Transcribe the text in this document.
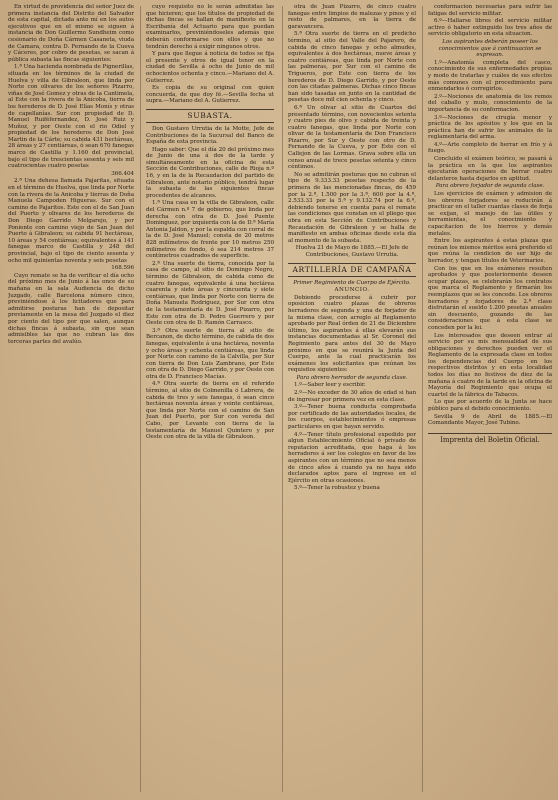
En virtud de providencia del señor Juez de primera instancia del Distrito del Salvador de esta capital, dictada ante mí en los autos ejecutivos que en el mismo se siguen á instancia de Don Guillermo Sundheim como cesionario de Doña Cármen Casaneta, viuda de Camara, contra D. Fernando de la Cueva y Cáceres, por cobro de pesetas, se sacan á pública subasta las fincas siguientes:

1.ª Una hacienda nombrada de Pignerillas, situada en los términos de la ciudad de Huelva y villa de Gibraleon, que linda por Norte con olivares de los señores Pizarro, viñas de José Gomez y otras de la Cantimela, al Este con la rivera de la Anicoba, tierra de los herederos de D. José Elías Monís y otras de capellanías. Sur con propiedad de D. Manuel Ruiféfernandez, D. José Ruiz y Muñoz, y por Oeste con el rio Odiel y propiedad de los herederos de Don José Martin de la Cárte; su cabida 431 hectáreas, 28 áreas y 27 centiáreas, ó sean 670 fanegas marco de Castilla y 1.160 del provincial, bajo el tipo de trescientas sesenta y seis mil cuatrocientas cuatro pesetas

366.404

2.ª Una dehesa llamada Pajaritas, situada en el término de Huelva, que linda por Norte con la rivera de la Anicoba y tierras de Doña Manuela Campoden Higueras. Sur con el camino de Pajaritos. Este con el de San Juan del Puerto y olivares de los herederos de Don Diego Garrido Melgarejo, y por Poniente con camino viejo de San Juan del Puerto á Gibraleon; su cabida 91 hectáreas, 10 áreas y 54 centiáreas; equivalentes á 141 fanegas marco de Castilla y 248 del provincial, bajo el tipo de ciento sesenta y ocho mil quinientas noventa y seis pesetas

168.596

Cuyo remate se ha de verificar el día ocho del próximo mes de Junio á las once de su mañana en la sala Audiencia de dicho Juzgado, calle Barcelona número cinco, previniéndose á los licitadores que para admitirse posturas han de depositar previamente en la mesa del Juzgado el diez por ciento del tipo por que salen, aunque dichas fincas á subasta, sin que sean admisibles las que no cubran las dos terceras partes del avalúo.

cuyo requisito no le serán admitidas las que hicieren; que los títulos de propiedad de dichas fincas se hallan de manifiesto en la Escribanía del Actuario para que puedan examinarlos, previniéndoseles además que deberán conformarse con ellos y que no tendrán derecho á exigir ningunos otros.

Y para que llegue á noticia de todos se fija el presente y otros de igual tenor en la ciudad de Sevilla á ocho de Junio de mil ochocientos ochenta y cinco.—Mariano del A. Gutierrez.

Es copia de su original con quien concuerda, de que doy fé.—Sevilla fecha ut supra.—Mariano del A. Gutierrez.

SUBASTA.

Don Gustavo Urrutia de la Motte, Jefe de Contribuciones de la Sucursal del Banco de España de esta provincia.

Hago saber: Que el día 20 del próximo mes de Junio de una á dos de la tarde y simultáneamente en la oficina de esta Sección de Contribuciones, calle de Rioja n.º 16, y en la de la Recaudacion del partido de Gibraleon, ante notario público, tendrá lugar la subasta de las siguientes fincas procedentes de alcances.

1.ª Una casa en la villa de Gibraleon, calle del Cármen n.º 7 de gobierno, que linda por derecha con otra de D. José Puente Dominguez, por izquierda con la de D.ª María Antonia Jaldon, y por la espalda con corral de la de D. José Manuel; consta de 20 metros 828 milímetros de frente por 10 metros 250 milímetros de fondo, ó sea 214 metros 37 centímetros cuadrados de superficie.

2.ª Una suerte de tierra, conocida por la casa de campo, al sitio de Domingo Negro, término de Gibraleon, de cabida como de cuatro fanegas, equivalente á una hectárea cuarenta y siete áreas y cincuenta y siete centiáreas, que linda por Norte con tierra de Doña Manuela Rodriguez, por Sur con otra de la testamentaría de D. José Pizarro, por Este con otra de D. Pedro Guerrero y por Oeste con otra de D. Ramón Carrasco.

3.ª Otra suerte de tierra al sitio de Bercanon, de dicho término, de cabida de dos fanegas, equivalente á una hectárea, noventa y ocho áreas y ochenta centiáreas, que linda por Norte con camino de la Calvilla, por Sur con tierra de Don Luis Zambrano, por Este con otra de D. Diego Garrido, y por Oeste con otra de D. Francisco Macías.

4.ª Otra suerte de tierra en el referido término, al sitio de Colmenilla ó Labrera, de cabida de tres y seis fanegas, ó sean cinco hectáreas noventa áreas y veinte centiáreas, que linda por Norte con el camino de San Juan del Puerto, por Sur con vereda del Cabo, por Levante con tierra de la testamentaría de Manuel Quintero y por Oeste con otra de la villa de Gibraleon.

otra de Juan Pizarro, de cinco cuatro fanegas entre limpios de malezas y pinos y el resto de palmares, en la tierra de garavancera.

5.ª Otra suerte de tierra en el predicho término, al sitio del Valle del Pajarero, de cabida de cinco fanegas y ocho almudes, equivalentes á dos hectáreas, nueve áreas y cuatro centiáreas, que linda por Norte con las palmeras, por Sur con el camino de Trigueros, por Este con tierra de los herederos de D. Diego Garrido, y por Oeste con las citadas palmeras. Dichas cinco fincas han sido tasadas en junto en la cantidad de pesetas doce mil cien ochenta y cinco.

6.ª Un olivar al sitio de Cuartos del presentado término, con novecientos setenta y cuatro pies de olivo y cabida de treinta y cuatro fanegas, que linda por Norte con olivar de la testamentaría de Don Francisco Pizarro, por Sur y Oeste con otro de D. Fernando de la Cueva, y por Este con el Callejon de las Lormas. Grava sobre ella un censo anual de trece pesetas setenta y cinco céntimos.

No se admitirán posturas que no cubran el tipo de 9.333.33 pesetas respecto de la primera de las mencionadas fincas, de 459 por la 2.ª, 1.500 por la 3.ª, 600 por la 4.ª, 2.533.33 por la 5.ª y 9.132.74 por la 6.ª, debiendo tenerse en cuenta para el remate las condiciones que constan en el pliego que obra en esta Sección de Contribuciones y Recaudación de Gibraleon y se halla de manifiesto en ambas oficinas desde esta día al momento de la subasta.

Huelva 21 de Mayo de 1885.—El Jefe de Contribuciones, Gustavo Urrutia.

ARTILLERÍA DE CAMPAÑA
Primer Regimiento de Cuerpo de Ejército.
ANUNCIO.

Debiendo procederse á cubrir por oposicion cuatro plazas de obreros herradores de segunda y una de forjador de la misma clase, con arreglo al Reglamento aprobado por Real órden de 21 de Diciembre último, los aspirantes á ellas elevarán sus instancias documentadas al Sr. Coronel del Regimiento para antes del 30 de Mayo próximo en que se reunirá la Junta del Cuerpo, ante la cual practicarán los exámenes los solicitantes que reúnan los requisitos siguientes:

Para obrero herrador de segunda clase.

1.º—Saber leer y escribir.

2.º—No exceder de 30 años de edad si han de ingresar por primera vez en esta clase.

3.º—Tener buena conducta comprobada por certificado de las autoridades locales, de los cuerpos, establecimientos ó empresas particulares en que hayan servido.

4.º—Tener título profesional expedido por algun Establecimiento Oficial ó privado de reputacion acreditada, que haga á los herradores á ser los colegios en favor de los aspirantes con un término que no sea menos de cinco años á cuando ya no haya sido declarados aptos para el ingreso en el Ejército en otras ocasiones.

5.º—Tener la robustez y buena

conformacion necesarias para sufrir las fatigas del servicio militar.

6.º—Hallarse libres del servicio militar activo ó haber extinguido los tres años de servicio obligatorio en esta situacion.

Los aspirantes deberán poseer los conocimientos que á continuacion se expresan.

1.º—Anatomía completa del casco, conocimiento de sus enfermedades propias y modo de tratarlas y cuáles de sus efectos más comunes con el procedimiento para enmendarlos ó corregirlos.

2.º—Nociones de anatomía de los remos del caballo y mulo, conocimiento de la importancia de su conformacion.

3.º—Nociones de cirugía menor y práctica de los apósitos y los que en la práctica han de sufrir los animales de la reglamentaría del arma.

4.º—Arte completo de herrar en frío y á fuego.

Concluido el exámen teórico, se pasará á la práctica en la que los aspirantes ejecutarán operaciones de herrar cuatro delanteros hasta dejarlos en aptitud.

Para obrero forjador de segunda clase.

Los ejercicios de exámen y admision de los obreros forjadores se reducirán á practicar en el taller cuantas clases de forja se exijan, el manejo de las útiles y herramientas, el conocimiento y capacitacion de los hierros y demás metales.

Entre los aspirantes á estas plazas que reúnan los mismos méritos será preferido el que reúna la condicion de ser hijo de herrador, y tengan títulos de Veterinarios.

Con los que en los exámenes resulten aprobados y que posteriormente deseen ocupar plazas, se celebrarán los contratos que marca el Reglamento y firmarán los reemplazos que se les concede. Los obreros herradores y forjadores de 2.ª clase disfrutarán el sueldo 1.200 pesetas anuales sin descuento, gozando de las consideraciones que á esta clase se conceden por la lei.

Los interesados que deseen entrar al servicio por su mis mensualidad de sus obligaciones y derechos pueden ver el Reglamento de la expresada clase en todos los dependencias del Cuerpo en los respectivos distritos y en esta localidad todos los días no festivos de diez de la mañana á cuatro de la tarde en la oficina de Mayoría del Regimiento que ocupa el cuartel de la fábrica de Tabacos.

Lo que por acuerdo de la Junta se hace público para el debido conocimiento.

Sevilla 9 de Abril de 1885.—El Comandante Mayor, José Tubino.

Imprenta del Boletin Oficial.
